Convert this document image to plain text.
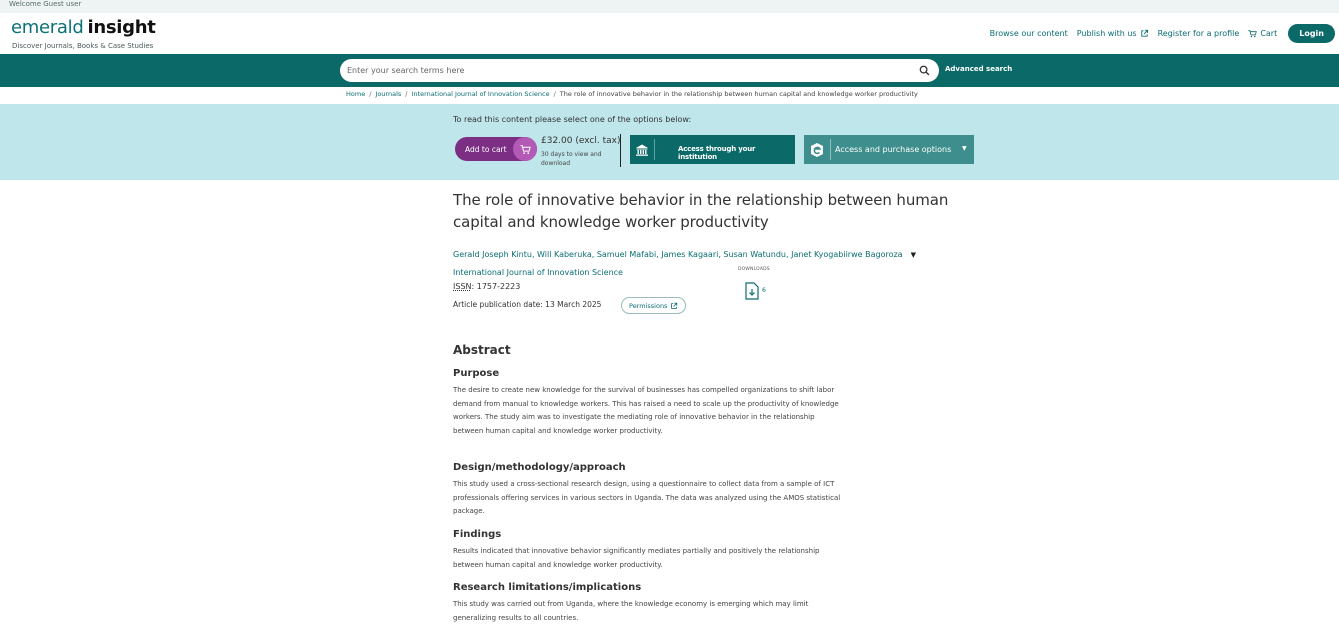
Welcome Guest user
emerald insight
Discover Journals, Books & Case Studies
Browse our content Publish with us	Register for a profile	Cart	Login
Enter your search terms here
Advanced search
Home / Journals / International Journal of Innovation Science / The role of innovative behavior in the relationship between human capital and knowledge worker productivity
To read this content please select one of the options below:
Add to cart
£32.00 (excl. tax)
30 days to view and download
Access through your institution
Access and purchase options ▼
The role of innovative behavior in the relationship between human capital and knowledge worker productivity
Gerald Joseph Kintu, Will Kaberuka, Samuel Mafabi, James Kagaari, Susan Watundu, Janet Kyogabiirwe Bagoroza ▼
International Journal of Innovation Science
ISSN: 1757-2223
Article publication date: 13 March 2025	Permissions
DOWNLOADS
6
Abstract
Purpose

The desire to create new knowledge for the survival of businesses has compelled organizations to shift labor demand from manual to knowledge workers. This has raised a need to scale up the productivity of knowledge workers. The study aim was to investigate the mediating role of innovative behavior in the relationship between human capital and knowledge worker productivity.

Design/methodology/approach

This study used a cross-sectional research design, using a questionnaire to collect data from a sample of ICT professionals offering services in various sectors in Uganda. The data was analyzed using the AMOS statistical package.

Findings

Results indicated that innovative behavior significantly mediates partially and positively the relationship between human capital and knowledge worker productivity.

Research limitations/implications

This study was carried out from Uganda, where the knowledge economy is emerging which may limit generalizing results to all countries.
